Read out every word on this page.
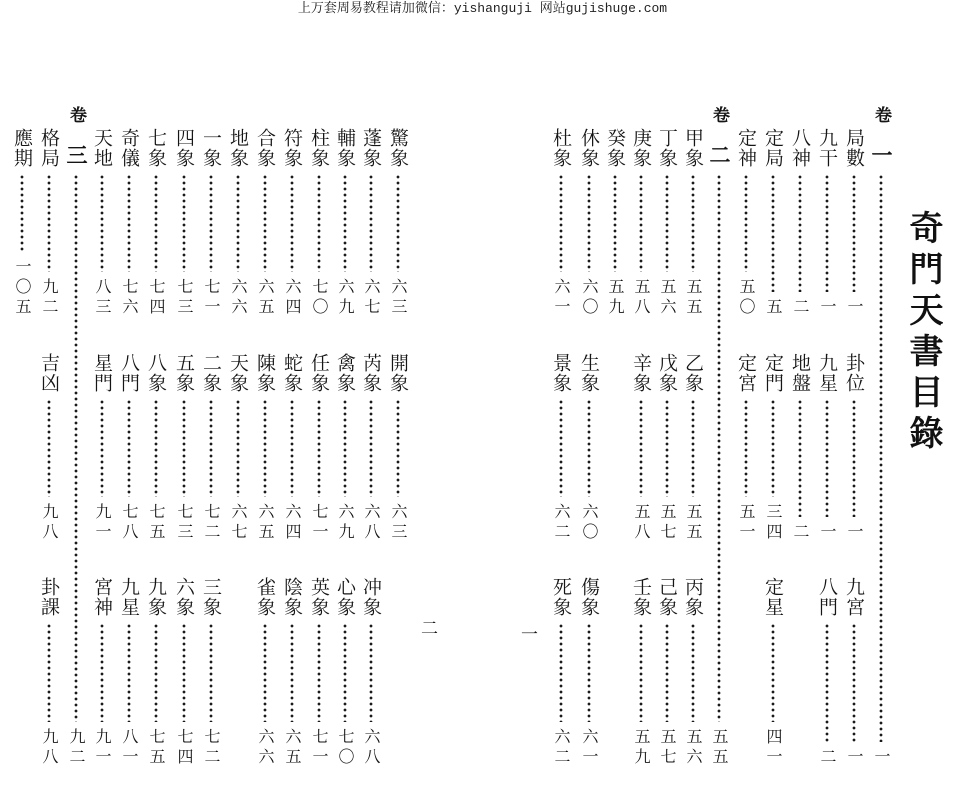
上万套周易教程请加微信：yishanguji 网站gujishuge.com
二
驚象
六三
開象
六三
蓬象
六七
芮象
六八
冲象
六八
輔象
六九
禽象
六九
心象
七〇
柱象
七〇
任象
七一
英象
七一
符象
六四
蛇象
六四
陰象
六五
合象
六五
陳象
六五
雀象
六六
地象
六六
天象
六七
一象
七一
二象
七二
三象
七二
四象
七三
五象
七三
六象
七四
七象
七四
八象
七五
九象
七五
奇儀
七六
八門
七八
九星
八一
天地
八三
星門
九一
宮神
九一
卷
三
九二
格局
九二
吉凶
九八
卦課
九八
應期
一〇五	奇門天書目錄
一
卷
一
一
局數
一
卦位
一
九宮
一
九干
一
九星
一
八門
二
八神
二
地盤
二
定局
五
定門
三四
定星
四一
定神
五〇
定宮
五一
卷
二
五五
甲象
五五
乙象
五五
丙象
五六
丁象
五六
戊象
五七
己象
五七
庚象
五八
辛象
五八
壬象
五九
癸象
五九
休象
六〇
生象
六〇
傷象
六一
杜象
六一
景象
六二
死象
六二
